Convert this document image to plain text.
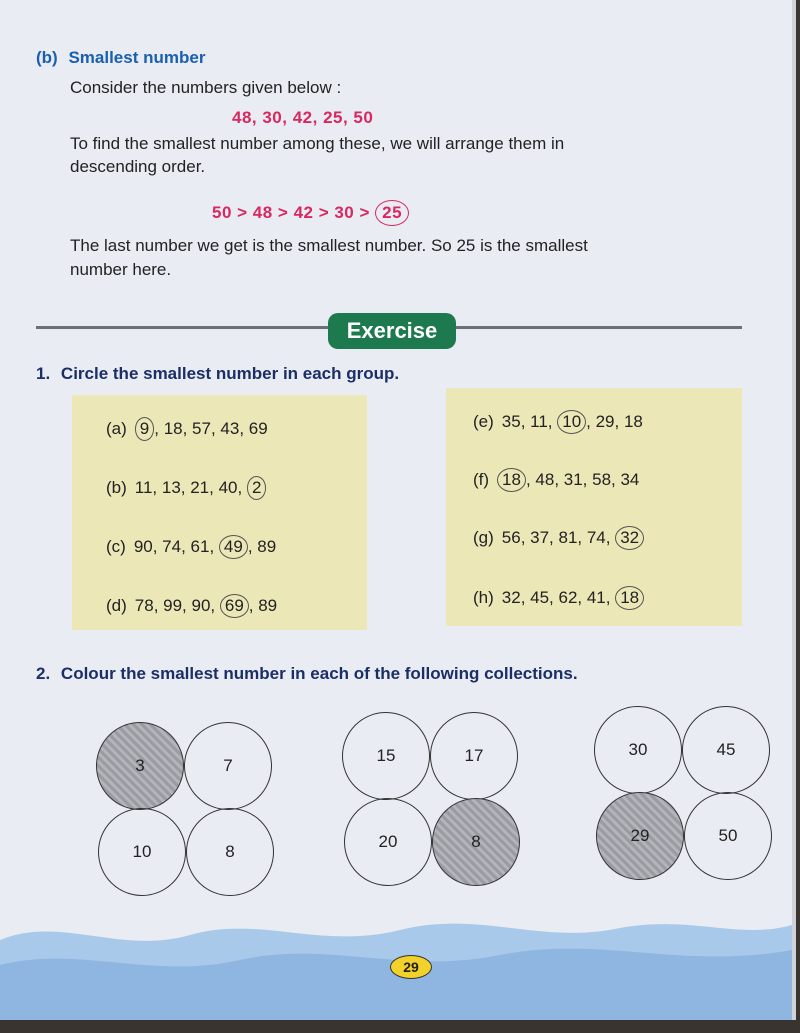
(b) Smallest number
Consider the numbers given below :
48, 30, 42, 25, 50
To find the smallest number among these, we will arrange them in
descending order.
50 > 48 > 42 > 30 > 25
The last number we get is the smallest number. So 25 is the smallest
number here.
Exercise
1. Circle the smallest number in each group.
(a) 9 , 18, 57, 43, 69
(b) 11, 13, 21, 40, 2
(c) 90, 74, 61, 49 , 89
(d) 78, 99, 90, 69 , 89
(e) 35, 11, 10 , 29, 18
(f) 18 , 48, 31, 58, 34
(g) 56, 37, 81, 74, 32
(h) 32, 45, 62, 41, 18
2. Colour the smallest number in each of the following collections.
3	7
10	8
15	17
20	8
30	45
29	50
29
